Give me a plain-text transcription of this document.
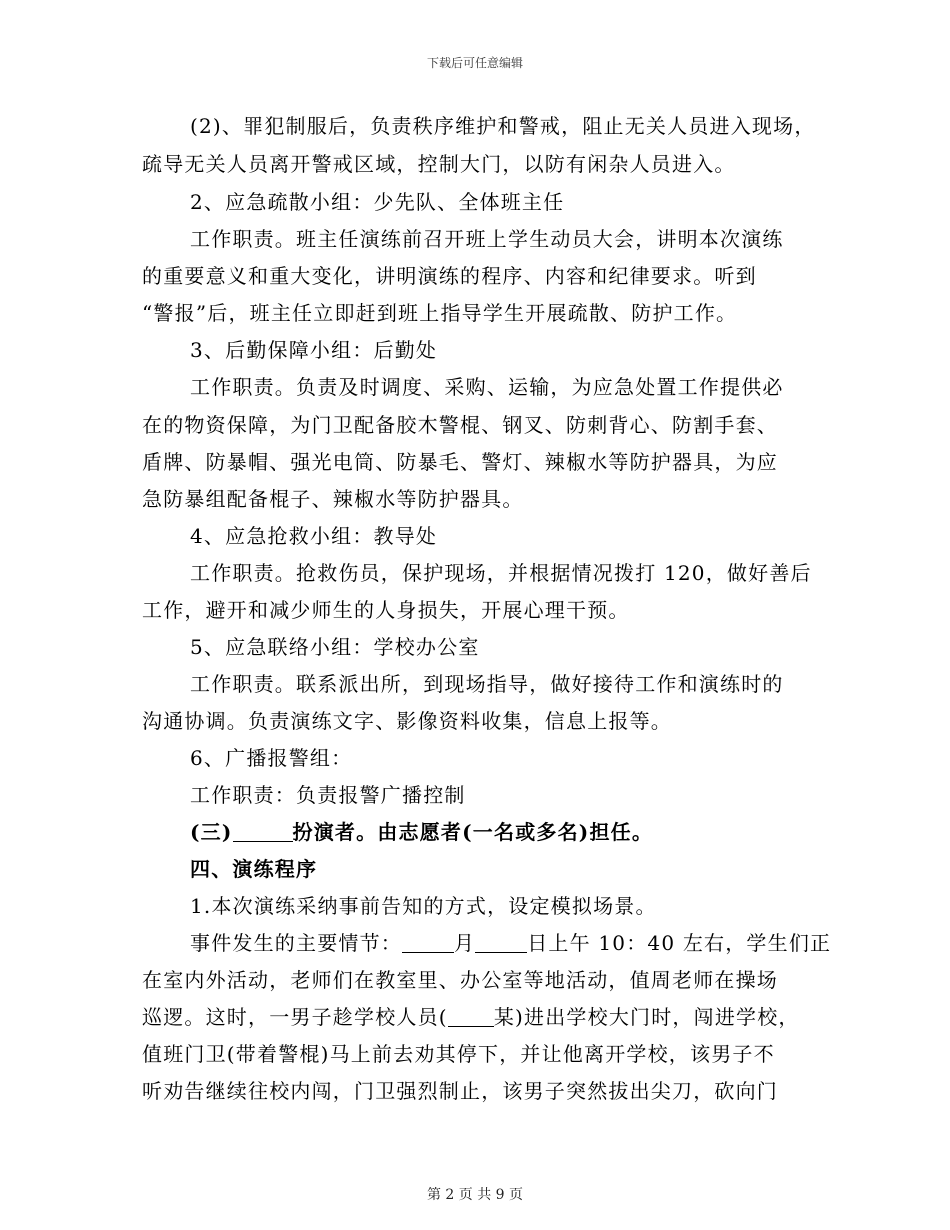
下载后可任意编辑
(2)、罪犯制服后，负责秩序维护和警戒，阻止无关人员进入现场，
疏导无关人员离开警戒区域，控制大门，以防有闲杂人员进入。
2、应急疏散小组：少先队、全体班主任
工作职责。班主任演练前召开班上学生动员大会，讲明本次演练
的重要意义和重大变化，讲明演练的程序、内容和纪律要求。听到
“警报”后，班主任立即赶到班上指导学生开展疏散、防护工作。
3、后勤保障小组：后勤处
工作职责。负责及时调度、采购、运输，为应急处置工作提供必
在的物资保障，为门卫配备胶木警棍、钢叉、防刺背心、防割手套、
盾牌、防暴帽、强光电筒、防暴毛、警灯、辣椒水等防护器具，为应
急防暴组配备棍子、辣椒水等防护器具。
4、应急抢救小组：教导处
工作职责。抢救伤员，保护现场，并根据情况拨打 120，做好善后
工作，避开和减少师生的人身损失，开展心理干预。
5、应急联络小组：学校办公室
工作职责。联系派出所，到现场指导，做好接待工作和演练时的
沟通协调。负责演练文字、影像资料收集，信息上报等。
6、广播报警组：
工作职责：负责报警广播控制
(三)	扮演者。由志愿者(一名或多名)担任。
四、演练程序
1.本次演练采纳事前告知的方式，设定模拟场景。
事件发生的主要情节：	月	日上午 10：40 左右，学生们正
在室内外活动，老师们在教室里、办公室等地活动，值周老师在操场
巡逻。这时，一男子趁学校人员( 某)进出学校大门时，闯进学校，
值班门卫(带着警棍)马上前去劝其停下，并让他离开学校，该男子不
听劝告继续往校内闯，门卫强烈制止，该男子突然拔出尖刀，砍向门
第 2 页 共 9 页
